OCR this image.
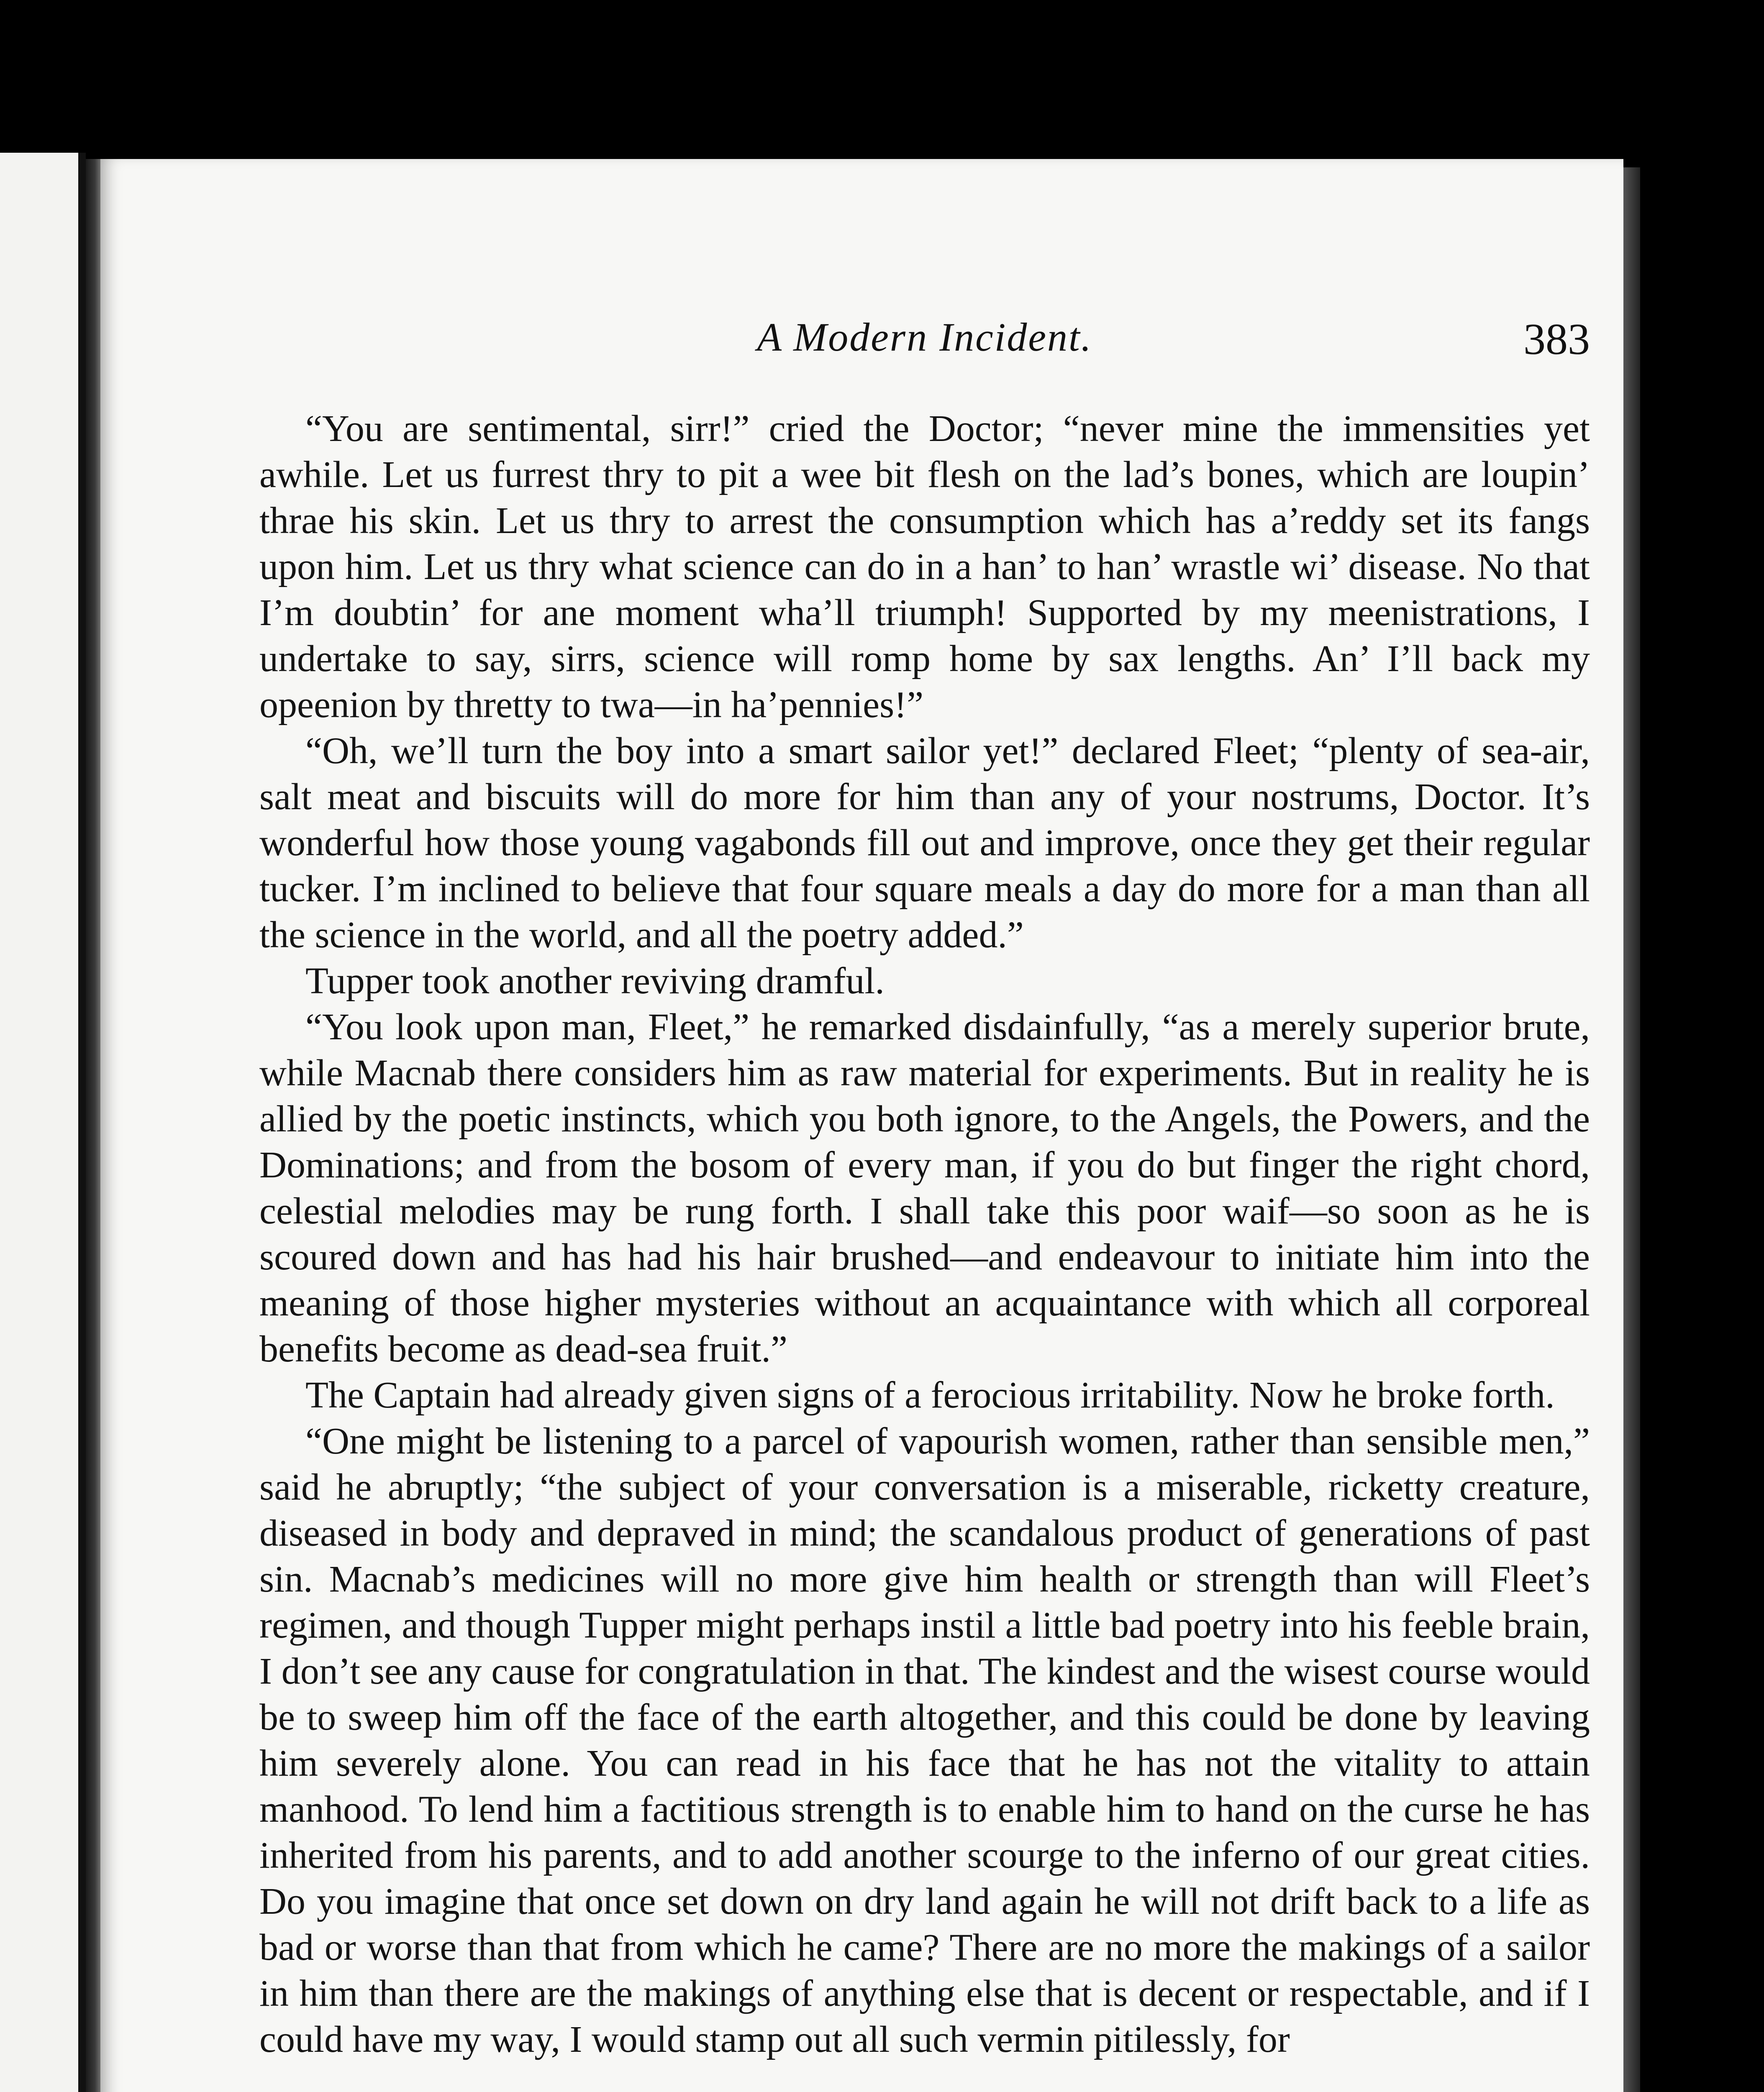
A Modern Incident.	383

“You are sentimental, sirr!” cried the Doctor; “never mine the immensities yet awhile. Let us furrest thry to pit a wee bit flesh on the lad’s bones, which are loupin’ thrae his skin. Let us thry to arrest the consumption which has a’reddy set its fangs upon him. Let us thry what science can do in a han’ to han’ wrastle wi’ disease. No that I’m doubtin’ for ane moment wha’ll triumph! Supported by my meenistrations, I undertake to say, sirrs, science will romp home by sax lengths. An’ I’ll back my opeenion by thretty to twa—in ha’pennies!”

“Oh, we’ll turn the boy into a smart sailor yet!” declared Fleet; “plenty of sea-air, salt meat and biscuits will do more for him than any of your nostrums, Doctor. It’s wonderful how those young vagabonds fill out and improve, once they get their regular tucker. I’m inclined to believe that four square meals a day do more for a man than all the science in the world, and all the poetry added.”

Tupper took another reviving dramful.

“You look upon man, Fleet,” he remarked disdainfully, “as a merely superior brute, while Macnab there considers him as raw material for experiments. But in reality he is allied by the poetic instincts, which you both ignore, to the Angels, the Powers, and the Dominations; and from the bosom of every man, if you do but finger the right chord, celestial melodies may be rung forth. I shall take this poor waif—so soon as he is scoured down and has had his hair brushed—and endeavour to initiate him into the meaning of those higher mysteries without an acquaintance with which all corporeal benefits become as dead-sea fruit.”

The Captain had already given signs of a ferocious irritability. Now he broke forth.

“One might be listening to a parcel of vapourish women, rather than sensible men,” said he abruptly; “the subject of your conversation is a miserable, ricketty creature, diseased in body and depraved in mind; the scandalous product of generations of past sin. Macnab’s medicines will no more give him health or strength than will Fleet’s regimen, and though Tupper might perhaps instil a little bad poetry into his feeble brain, I don’t see any cause for congratulation in that. The kindest and the wisest course would be to sweep him off the face of the earth altogether, and this could be done by leaving him severely alone. You can read in his face that he has not the vitality to attain manhood. To lend him a factitious strength is to enable him to hand on the curse he has inherited from his parents, and to add another scourge to the inferno of our great cities. Do you imagine that once set down on dry land again he will not drift back to a life as bad or worse than that from which he came? There are no more the makings of a sailor in him than there are the makings of anything else that is decent or respectable, and if I could have my way, I would stamp out all such vermin pitilessly, for
